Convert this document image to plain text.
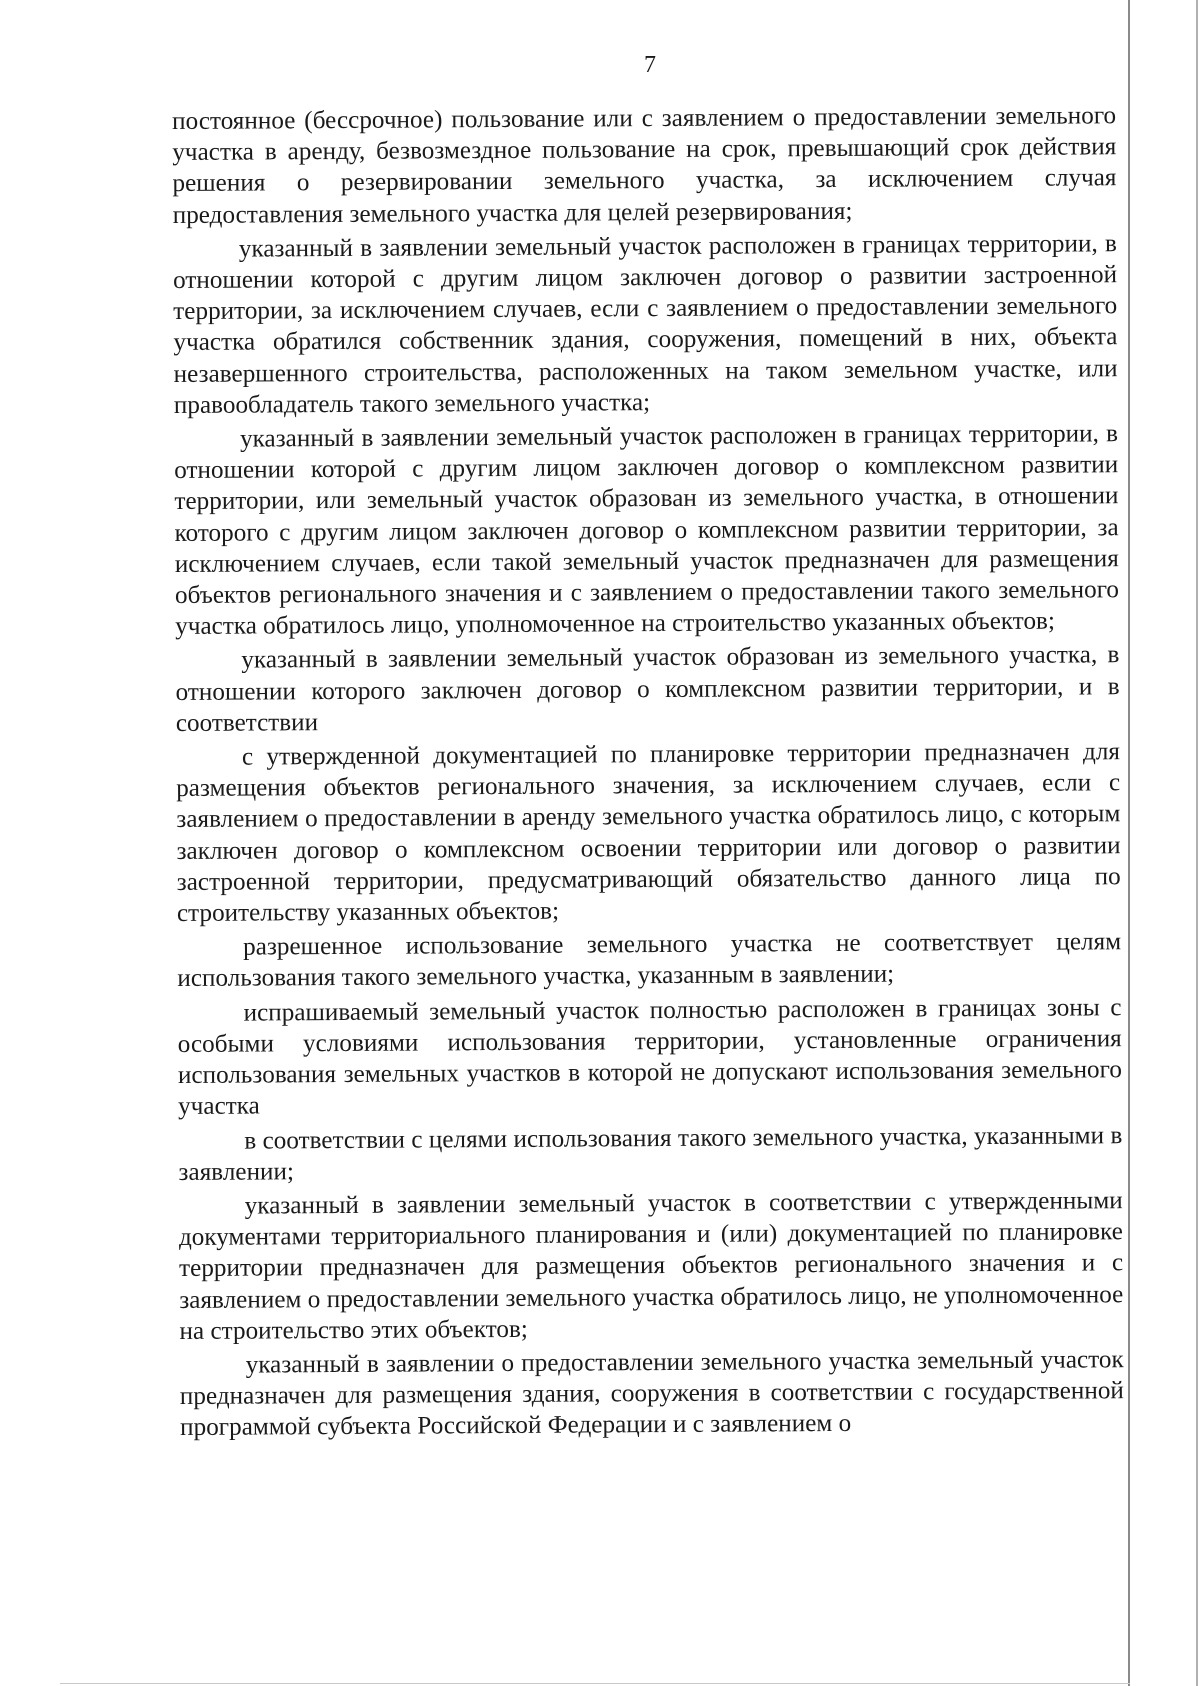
7

постоянное (бессрочное) пользование или с заявлением о предоставлении земельного участка в аренду, безвозмездное пользование на срок, превышающий срок действия решения о резервировании земельного участка, за исключением случая предоставления земельного участка для целей резервирования;

указанный в заявлении земельный участок расположен в границах территории, в отношении которой с другим лицом заключен договор о развитии застроенной территории, за исключением случаев, если с заявлением о предоставлении земельного участка обратился собственник здания, сооружения, помещений в них, объекта незавершенного строительства, расположенных на таком земельном участке, или правообладатель такого земельного участка;

указанный в заявлении земельный участок расположен в границах территории, в отношении которой с другим лицом заключен договор о комплексном развитии территории, или земельный участок образован из земельного участка, в отношении которого с другим лицом заключен договор о комплексном развитии территории, за исключением случаев, если такой земельный участок предназначен для размещения объектов регионального значения и с заявлением о предоставлении такого земельного участка обратилось лицо, уполномоченное на строительство указанных объектов;

указанный в заявлении земельный участок образован из земельного участка, в отношении которого заключен договор о комплексном развитии территории, и в соответствии

с утвержденной документацией по планировке территории предназначен для размещения объектов регионального значения, за исключением случаев, если с заявлением о предоставлении в аренду земельного участка обратилось лицо, с которым заключен договор о комплексном освоении территории или договор о развитии застроенной территории, предусматривающий обязательство данного лица по строительству указанных объектов;

разрешенное использование земельного участка не соответствует целям использования такого земельного участка, указанным в заявлении;

испрашиваемый земельный участок полностью расположен в границах зоны с особыми условиями использования территории, установленные ограничения использования земельных участков в которой не допускают использования земельного участка

в соответствии с целями использования такого земельного участка, указанными в заявлении;

указанный в заявлении земельный участок в соответствии с утвержденными документами территориального планирования и (или) документацией по планировке территории предназначен для размещения объектов регионального значения и с заявлением о предоставлении земельного участка обратилось лицо, не уполномоченное на строительство этих объектов;

указанный в заявлении о предоставлении земельного участка земельный участок предназначен для размещения здания, сооружения в соответствии с государственной программой субъекта Российской Федерации и с заявлением о
